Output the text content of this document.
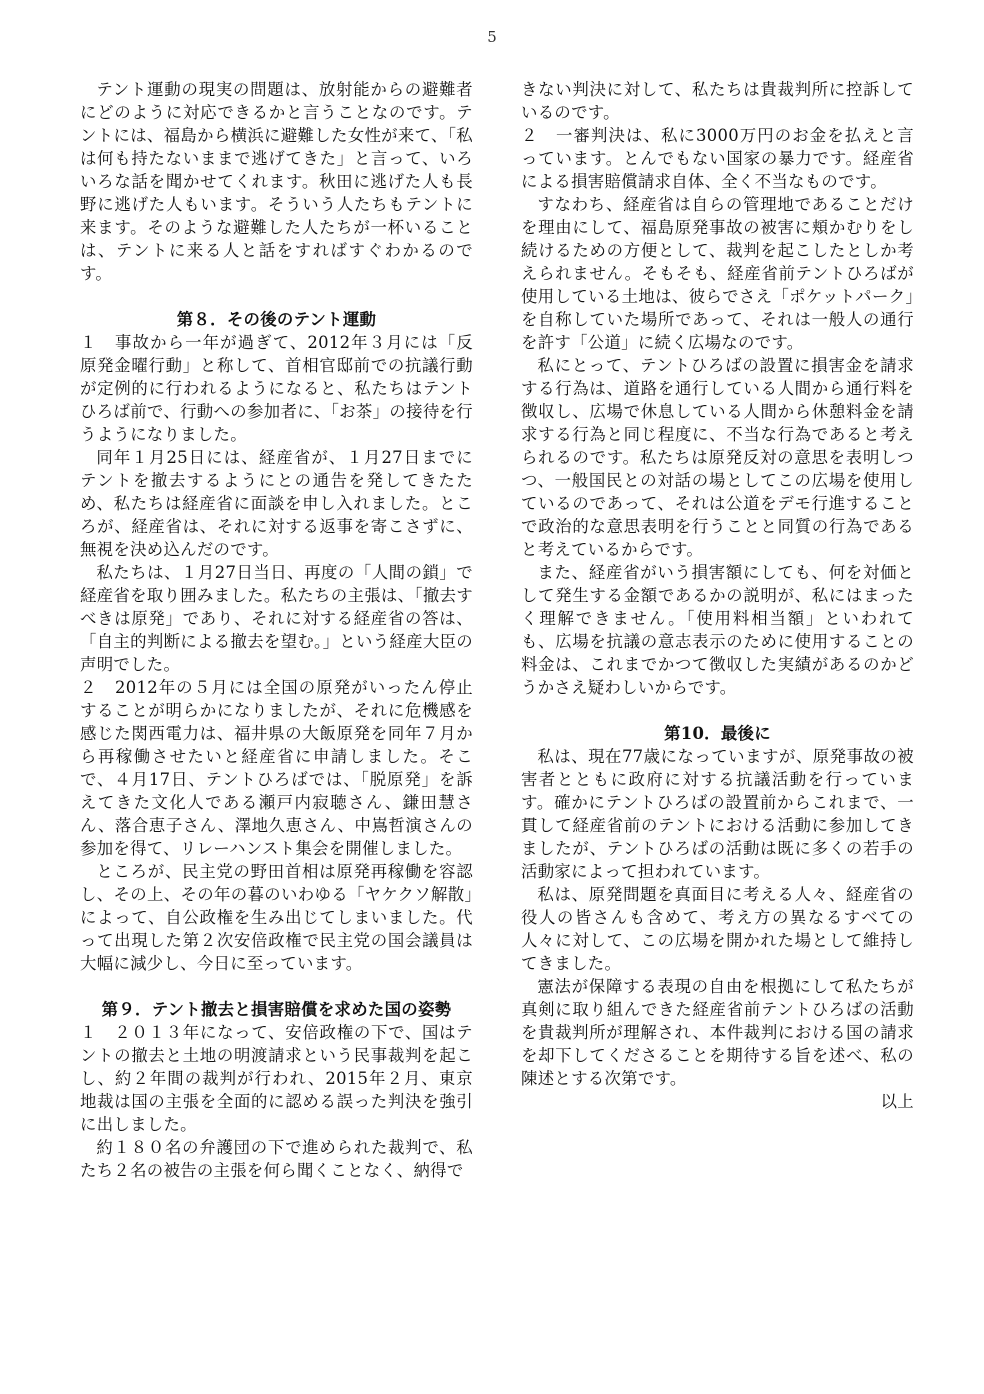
5

テント運動の現実の問題は、放射能からの避難者にどのように対応できるかと言うことなのです。テントには、福島から横浜に避難した女性が来て、「私は何も持たないままで逃げてきた」と言って、いろいろな話を聞かせてくれます。秋田に逃げた人も長野に逃げた人もいます。そういう人たちもテントに来ます。そのような避難した人たちが一杯いることは、テントに来る人と話をすればすぐわかるのです。

第８．その後のテント運動

１　事故から一年が過ぎて、2012年３月には「反原発金曜行動」と称して、首相官邸前での抗議行動が定例的に行われるようになると、私たちはテントひろば前で、行動への参加者に、「お茶」の接待を行うようになりました。

同年１月25日には、経産省が、１月27日までにテントを撤去するようにとの通告を発してきたため、私たちは経産省に面談を申し入れました。ところが、経産省は、それに対する返事を寄こさずに、無視を決め込んだのです。

私たちは、１月27日当日、再度の「人間の鎖」で経産省を取り囲みました。私たちの主張は、「撤去すべきは原発」であり、それに対する経産省の答は、「自主的判断による撤去を望む。」という経産大臣の声明でした。

２　2012年の５月には全国の原発がいったん停止することが明らかになりましたが、それに危機感を感じた関西電力は、福井県の大飯原発を同年７月から再稼働させたいと経産省に申請しました。そこで、４月17日、テントひろばでは、「脱原発」を訴えてきた文化人である瀬戸内寂聴さん、鎌田慧さん、落合恵子さん、澤地久恵さん、中嶌哲演さんの参加を得て、リレーハンスト集会を開催しました。

ところが、民主党の野田首相は原発再稼働を容認し、その上、その年の暮のいわゆる「ヤケクソ解散」によって、自公政権を生み出じてしまいました。代って出現した第２次安倍政権で民主党の国会議員は大幅に減少し、今日に至っています。

第９．テント撤去と損害賠償を求めた国の姿勢

１　２０１３年になって、安倍政権の下で、国はテントの撤去と土地の明渡請求という民事裁判を起こし、約２年間の裁判が行われ、2015年２月、東京地裁は国の主張を全面的に認める誤った判決を強引に出しました。

約１８０名の弁護団の下で進められた裁判で、私たち２名の被告の主張を何ら聞くことなく、納得で

きない判決に対して、私たちは貴裁判所に控訴しているのです。

２　一審判決は、私に3000万円のお金を払えと言っています。とんでもない国家の暴力です。経産省による損害賠償請求自体、全く不当なものです。

すなわち、経産省は自らの管理地であることだけを理由にして、福島原発事故の被害に頬かむりをし続けるための方便として、裁判を起こしたとしか考えられません。そもそも、経産省前テントひろばが使用している土地は、彼らでさえ「ポケットパーク」を自称していた場所であって、それは一般人の通行を許す「公道」に続く広場なのです。

私にとって、テントひろばの設置に損害金を請求する行為は、道路を通行している人間から通行料を徴収し、広場で休息している人間から休憩料金を請求する行為と同じ程度に、不当な行為であると考えられるのです。私たちは原発反対の意思を表明しつつ、一般国民との対話の場としてこの広場を使用しているのであって、それは公道をデモ行進することで政治的な意思表明を行うことと同質の行為であると考えているからです。

また、経産省がいう損害額にしても、何を対価として発生する金額であるかの説明が、私にはまったく理解できません。「使用料相当額」といわれても、広場を抗議の意志表示のために使用することの料金は、これまでかつて徴収した実績があるのかどうかさえ疑わしいからです。

第10．最後に

私は、現在77歳になっていますが、原発事故の被害者とともに政府に対する抗議活動を行っています。確かにテントひろばの設置前からこれまで、一貫して経産省前のテントにおける活動に参加してきましたが、テントひろばの活動は既に多くの若手の活動家によって担われています。

私は、原発問題を真面目に考える人々、経産省の役人の皆さんも含めて、考え方の異なるすべての人々に対して、この広場を開かれた場として維持してきました。

憲法が保障する表現の自由を根拠にして私たちが真剣に取り組んできた経産省前テントひろばの活動を貴裁判所が理解され、本件裁判における国の請求を却下してくださることを期待する旨を述べ、私の陳述とする次第です。

以上
